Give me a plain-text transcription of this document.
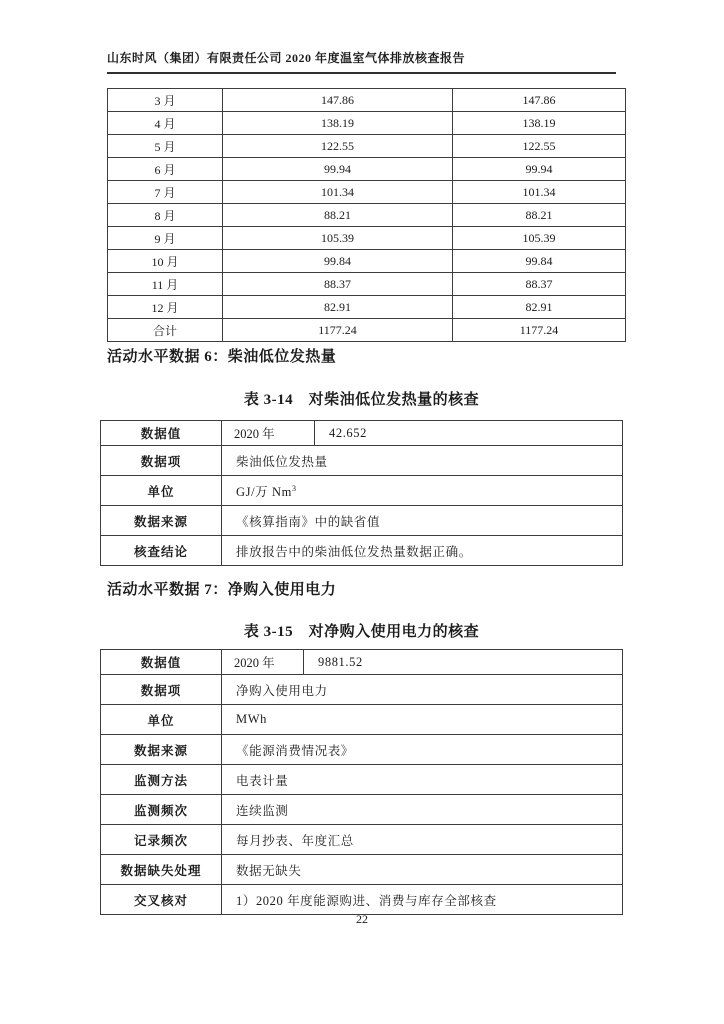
山东时风（集团）有限责任公司 2020 年度温室气体排放核查报告
3 月	147.86	147.86
4 月	138.19	138.19
5 月	122.55	122.55
6 月	99.94	99.94
7 月	101.34	101.34
8 月	88.21	88.21
9 月	105.39	105.39
10 月	99.84	99.84
11 月	88.37	88.37
12 月	82.91	82.91
合计	1177.24	1177.24
活动水平数据 6：柴油低位发热量
表 3-14　对柴油低位发热量的核查
数据值	2020 年	42.652
数据项	柴油低位发热量	
单位	GJ/万 Nm$^3$
数据来源	《核算指南》中的缺省值	
核查结论	排放报告中的柴油低位发热量数据正确。	
活动水平数据 7：净购入使用电力
表 3-15　对净购入使用电力的核查
数据值	2020 年	9881.52
数据项	净购入使用电力	
单位	MWh	
数据来源	《能源消费情况表》	
监测方法	电表计量	
监测频次	连续监测	
记录频次	每月抄表、年度汇总	
数据缺失处理	数据无缺失	
交叉核对	1）2020 年度能源购进、消费与库存全部核查	
22
